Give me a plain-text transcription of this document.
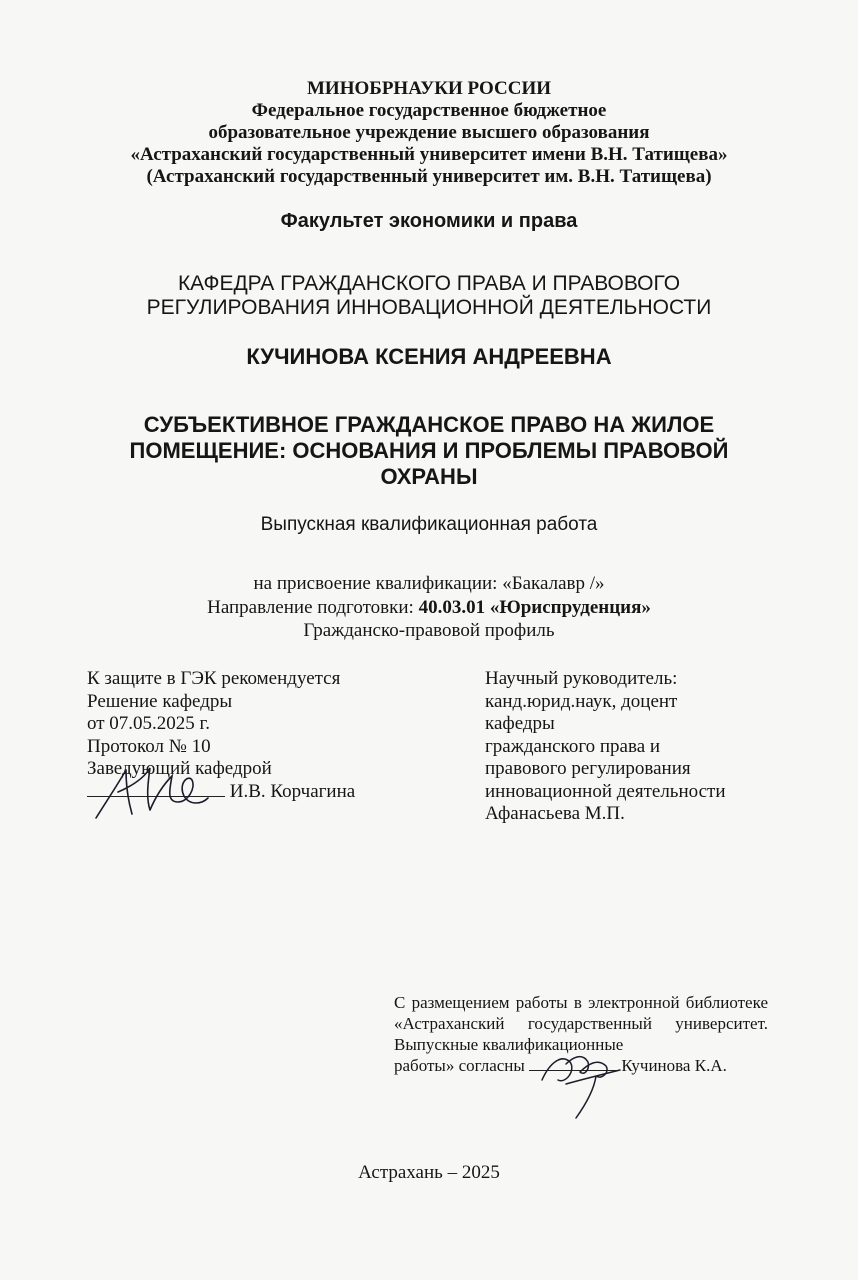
МИНОБРНАУКИ РОССИИ
Федеральное государственное бюджетное
образовательное учреждение высшего образования
«Астраханский государственный университет имени В.Н. Татищева»
(Астраханский государственный университет им. В.Н. Татищева)
Факультет экономики и права
КАФЕДРА ГРАЖДАНСКОГО ПРАВА И ПРАВОВОГО
РЕГУЛИРОВАНИЯ ИННОВАЦИОННОЙ ДЕЯТЕЛЬНОСТИ
КУЧИНОВА КСЕНИЯ АНДРЕЕВНА
СУБЪЕКТИВНОЕ ГРАЖДАНСКОЕ ПРАВО НА ЖИЛОЕ
ПОМЕЩЕНИЕ: ОСНОВАНИЯ И ПРОБЛЕМЫ ПРАВОВОЙ
ОХРАНЫ
Выпускная квалификационная работа
на присвоение квалификации: «Бакалавр /»
Направление подготовки: 40.03.01 «Юриспруденция»
Гражданско-правовой профиль
К защите в ГЭК рекомендуется
Решение кафедры
от 07.05.2025 г.
Протокол № 10
Заведующий кафедрой
И.В. Корчагина
Научный руководитель:
канд.юрид.наук, доцент
кафедры
гражданского права и
правового регулирования
инновационной деятельности
Афанасьева М.П.

С размещением работы в электронной библиотеке «Астраханский государственный университет. Выпускные квалификационные

работы» согласны	Кучинова К.А.

Астрахань – 2025
